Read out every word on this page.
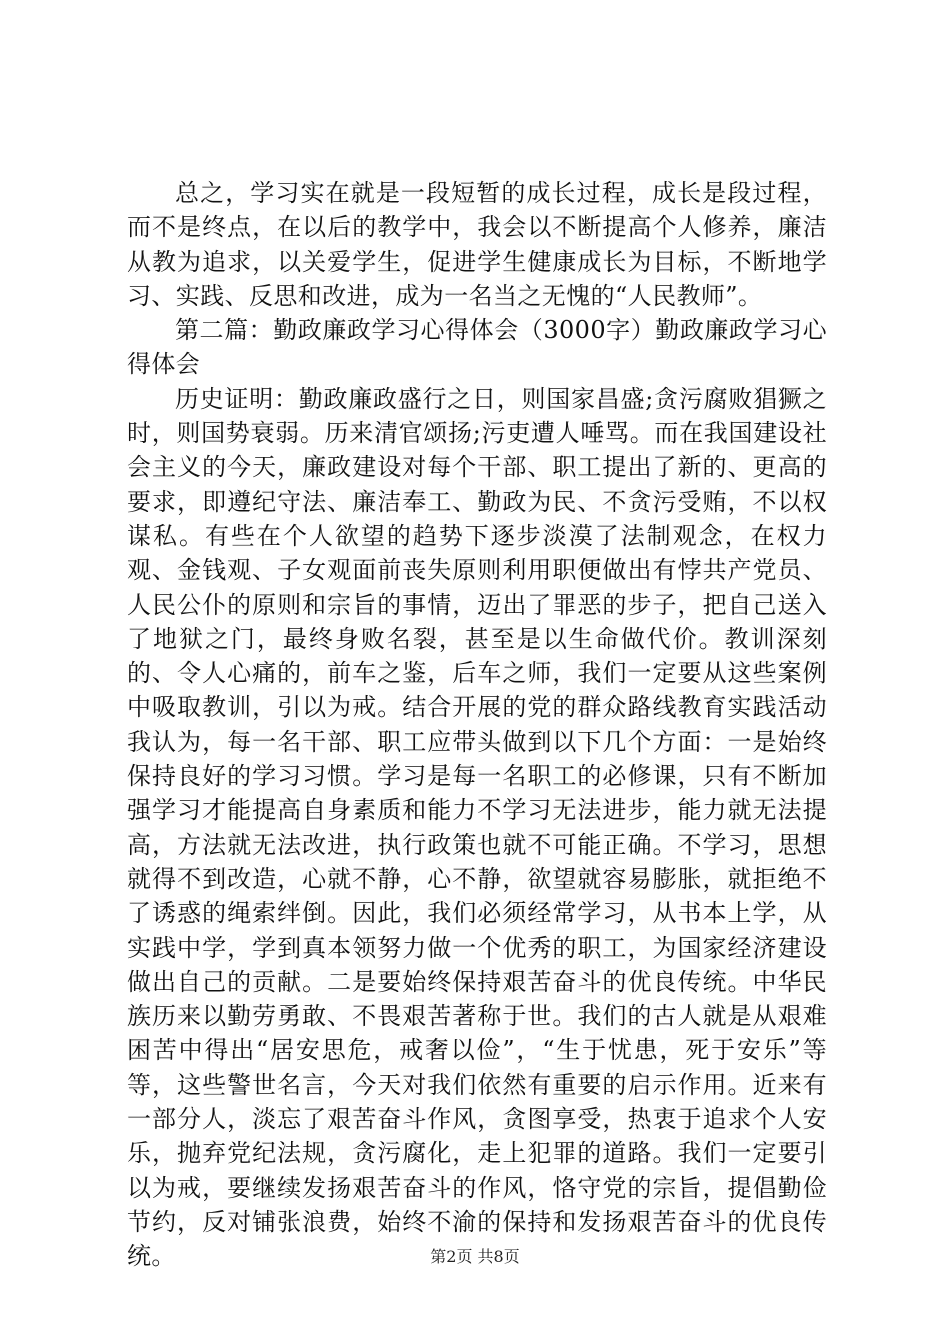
总之，学习实在就是一段短暂的成长过程，成长是段过程，而不是终点，在以后的教学中，我会以不断提高个人修养，廉洁从教为追求，以关爱学生，促进学生健康成长为目标，不断地学习、实践、反思和改进，成为一名当之无愧的“人民教师”。

第二篇：勤政廉政学习心得体会（3000字）勤政廉政学习心得体会

历史证明：勤政廉政盛行之日，则国家昌盛;贪污腐败猖獗之时，则国势衰弱。历来清官颂扬;污吏遭人唾骂。而在我国建设社会主义的今天，廉政建设对每个干部、职工提出了新的、更高的要求，即遵纪守法、廉洁奉工、勤政为民、不贪污受贿，不以权谋私。有些在个人欲望的趋势下逐步淡漠了法制观念，在权力观、金钱观、子女观面前丧失原则利用职便做出有悖共产党员、人民公仆的原则和宗旨的事情，迈出了罪恶的步子，把自己送入了地狱之门，最终身败名裂，甚至是以生命做代价。教训深刻的、令人心痛的，前车之鉴，后车之师，我们一定要从这些案例中吸取教训，引以为戒。结合开展的党的群众路线教育实践活动我认为，每一名干部、职工应带头做到以下几个方面：一是始终保持良好的学习习惯。学习是每一名职工的必修课，只有不断加强学习才能提高自身素质和能力不学习无法进步，能力就无法提高，方法就无法改进，执行政策也就不可能正确。不学习，思想就得不到改造，心就不静，心不静，欲望就容易膨胀，就拒绝不了诱惑的绳索绊倒。因此，我们必须经常学习，从书本上学，从实践中学，学到真本领努力做一个优秀的职工，为国家经济建设做出自己的贡献。二是要始终保持艰苦奋斗的优良传统。中华民族历来以勤劳勇敢、不畏艰苦著称于世。我们的古人就是从艰难困苦中得出“居安思危，戒奢以俭”，“生于忧患，死于安乐”等等，这些警世名言，今天对我们依然有重要的启示作用。近来有一部分人，淡忘了艰苦奋斗作风，贪图享受，热衷于追求个人安乐，抛弃党纪法规，贪污腐化，走上犯罪的道路。我们一定要引以为戒，要继续发扬艰苦奋斗的作风，恪守党的宗旨，提倡勤俭节约，反对铺张浪费，始终不渝的保持和发扬艰苦奋斗的优良传统。	第2页 共8页
